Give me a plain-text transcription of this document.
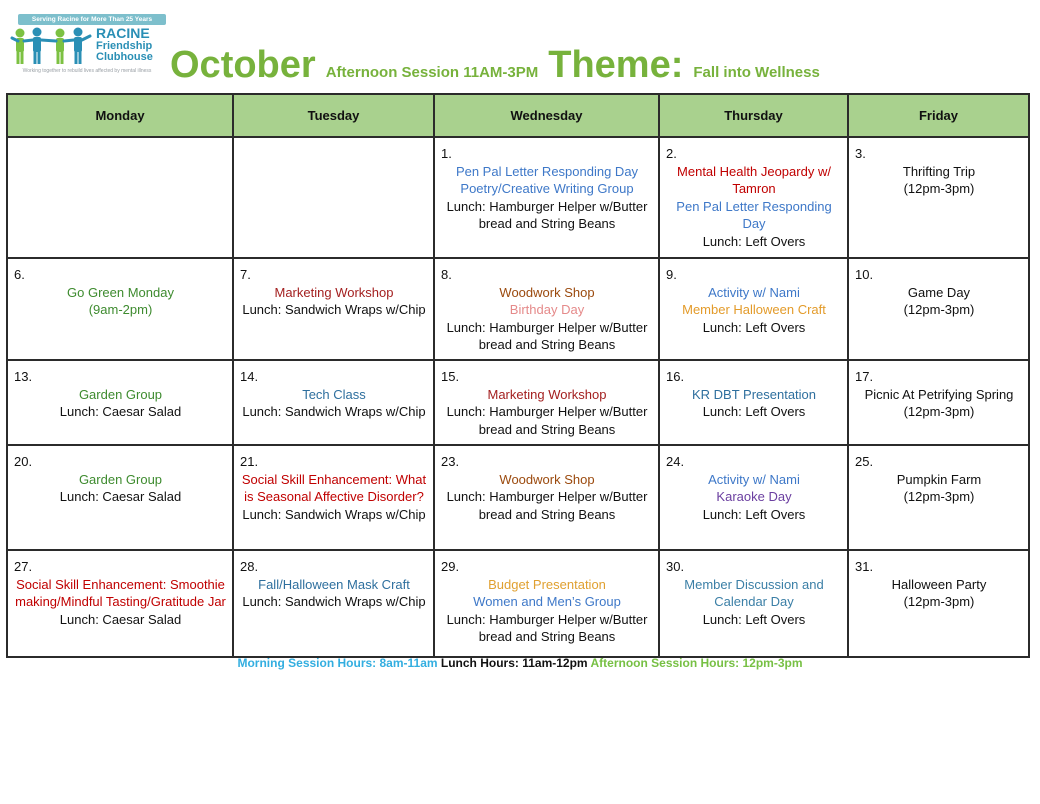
Serving Racine for More Than 25 Years
RACINE
Friendship
Clubhouse
Working together to rebuild lives affected by mental illness October Afternoon Session 11AM-3PM Theme: Fall into Wellness
Monday	Tuesday	Wednesday	Thursday	Friday

		1.
Pen Pal Letter Responding Day
Poetry/Creative Writing Group
Lunch: Hamburger Helper w/Butter bread and String Beans	2.
Mental Health Jeopardy w/ Tamron
Pen Pal Letter Responding Day
Lunch: Left Overs	3.
Thrifting Trip
(12pm-3pm)

6.
Go Green Monday
(9am-2pm)	7.
Marketing Workshop
Lunch: Sandwich Wraps w/Chip	8.
Woodwork Shop
Birthday Day
Lunch: Hamburger Helper w/Butter bread and String Beans	9.
Activity w/ Nami
Member Halloween Craft
Lunch: Left Overs	10.
Game Day
(12pm-3pm)

13.
Garden Group
Lunch: Caesar Salad	14.
Tech Class
Lunch: Sandwich Wraps w/Chip	15.
Marketing Workshop
Lunch: Hamburger Helper w/Butter bread and String Beans	16.
KR DBT Presentation
Lunch: Left Overs	17.
Picnic At Petrifying Spring
(12pm-3pm)

20.
Garden Group
Lunch: Caesar Salad	21.
Social Skill Enhancement: What is Seasonal Affective Disorder?
Lunch: Sandwich Wraps w/Chip	23.
Woodwork Shop
Lunch: Hamburger Helper w/Butter bread and String Beans	24.
Activity w/ Nami
Karaoke Day
Lunch: Left Overs	25.
Pumpkin Farm
(12pm-3pm)

27.
Social Skill Enhancement: Smoothie making/Mindful Tasting/Gratitude Jar
Lunch: Caesar Salad	28.
Fall/Halloween Mask Craft
Lunch: Sandwich Wraps w/Chip	29.
Budget Presentation
Women and Men’s Group
Lunch: Hamburger Helper w/Butter bread and String Beans	30.
Member Discussion and Calendar Day
Lunch: Left Overs	31.
Halloween Party
(12pm-3pm)
Morning Session Hours: 8am-11am Lunch Hours: 11am-12pm Afternoon Session Hours: 12pm-3pm
